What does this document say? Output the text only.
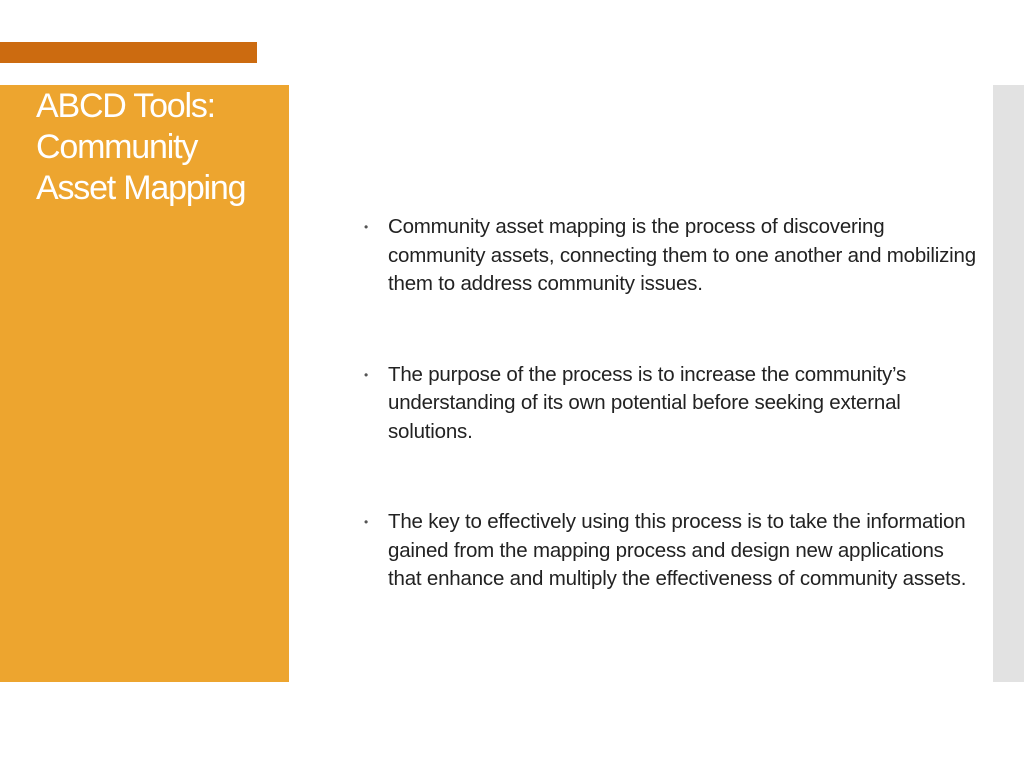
ABCD Tools:
Community
Asset Mapping
• Community asset mapping is the process of discovering community assets, connecting them to one another and mobilizing them to address community issues.
• The purpose of the process is to increase the community’s understanding of its own potential before seeking external solutions.
• The key to effectively using this process is to take the information gained from the mapping process and design new applications that enhance and multiply the effectiveness of community assets.
